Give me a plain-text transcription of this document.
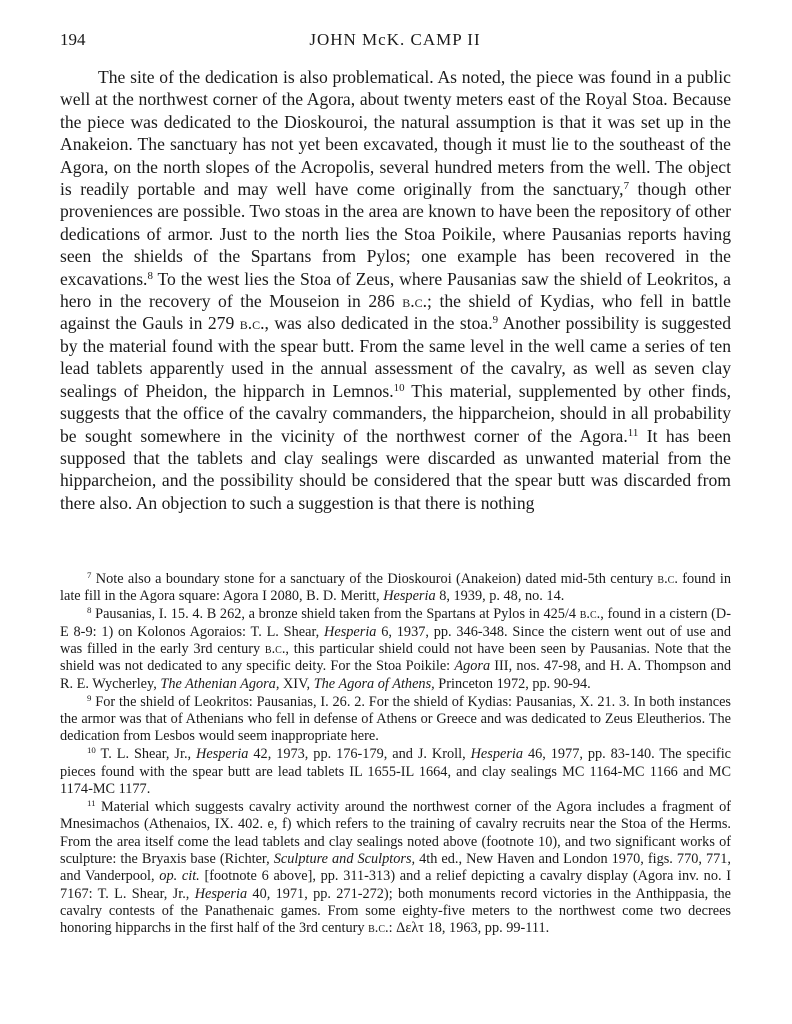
194	JOHN McK. CAMP II

The site of the dedication is also problematical. As noted, the piece was found in a public well at the northwest corner of the Agora, about twenty meters east of the Royal Stoa. Because the piece was dedicated to the Dioskouroi, the natural assumption is that it was set up in the Anakeion. The sanctuary has not yet been excavated, though it must lie to the southeast of the Agora, on the north slopes of the Acropolis, several hundred meters from the well. The object is readily portable and may well have come originally from the sanctuary,$^7$ though other proveniences are possible. Two stoas in the area are known to have been the repository of other dedications of armor. Just to the north lies the Stoa Poikile, where Pausanias reports having seen the shields of the Spartans from Pylos; one example has been recovered in the excavations.$^8$ To the west lies the Stoa of Zeus, where Pausanias saw the shield of Leokritos, a hero in the recovery of the Mouseion in 286 b.c.; the shield of Kydias, who fell in battle against the Gauls in 279 b.c., was also dedicated in the stoa.$^9$ Another possibility is suggested by the material found with the spear butt. From the same level in the well came a series of ten lead tablets apparently used in the annual assessment of the cavalry, as well as seven clay sealings of Pheidon, the hipparch in Lemnos.$^{10}$ This material, supplemented by other finds, suggests that the office of the cavalry commanders, the hipparcheion, should in all probability be sought somewhere in the vicinity of the northwest corner of the Agora.$^{11}$ It has been supposed that the tablets and clay sealings were discarded as unwanted material from the hipparcheion, and the possibility should be considered that the spear butt was discarded from there also. An objection to such a suggestion is that there is nothing

$^7$ Note also a boundary stone for a sanctuary of the Dioskouroi (Anakeion) dated mid-5th century b.c. found in late fill in the Agora square: Agora I 2080, B. D. Meritt, Hesperia 8, 1939, p. 48, no. 14.

$^8$ Pausanias, I. 15. 4. B 262, a bronze shield taken from the Spartans at Pylos in 425/4 b.c., found in a cistern (D-E 8-9: 1) on Kolonos Agoraios: T. L. Shear, Hesperia 6, 1937, pp. 346-348. Since the cistern went out of use and was filled in the early 3rd century b.c., this particular shield could not have been seen by Pausanias. Note that the shield was not dedicated to any specific deity. For the Stoa Poikile: Agora III, nos. 47-98, and H. A. Thompson and R. E. Wycherley, The Athenian Agora, XIV, The Agora of Athens, Princeton 1972, pp. 90-94.

$^9$ For the shield of Leokritos: Pausanias, I. 26. 2. For the shield of Kydias: Pausanias, X. 21. 3. In both instances the armor was that of Athenians who fell in defense of Athens or Greece and was dedicated to Zeus Eleutherios. The dedication from Lesbos would seem inappropriate here.

$^{10}$ T. L. Shear, Jr., Hesperia 42, 1973, pp. 176-179, and J. Kroll, Hesperia 46, 1977, pp. 83-140. The specific pieces found with the spear butt are lead tablets IL 1655-IL 1664, and clay sealings MC 1164-MC 1166 and MC 1174-MC 1177.

$^{11}$ Material which suggests cavalry activity around the northwest corner of the Agora includes a fragment of Mnesimachos (Athenaios, IX. 402. e, f) which refers to the training of cavalry recruits near the Stoa of the Herms. From the area itself come the lead tablets and clay sealings noted above (footnote 10), and two significant works of sculpture: the Bryaxis base (Richter, Sculpture and Sculptors, 4th ed., New Haven and London 1970, figs. 770, 771, and Vanderpool, op. cit. [footnote 6 above], pp. 311-313) and a relief depicting a cavalry display (Agora inv. no. I 7167: T. L. Shear, Jr., Hesperia 40, 1971, pp. 271-272); both monuments record victories in the Anthippasia, the cavalry contests of the Panathenaic games. From some eighty-five meters to the northwest come two decrees honoring hipparchs in the first half of the 3rd century b.c.: Δελτ 18, 1963, pp. 99-111.
